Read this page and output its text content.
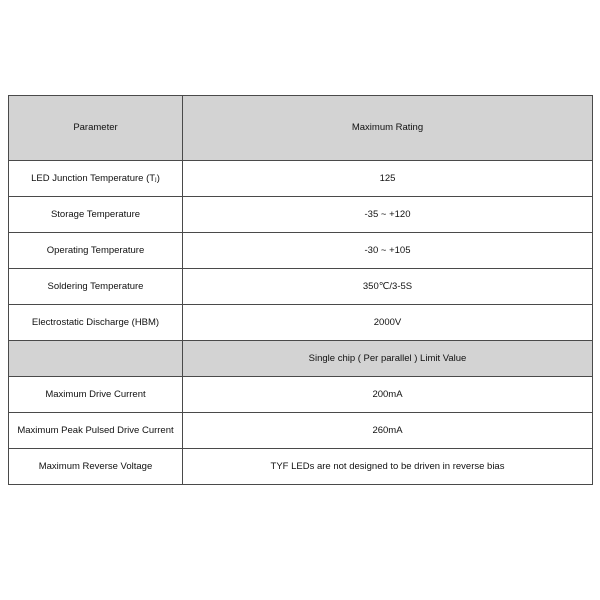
Parameter	Maximum Rating
LED Junction Temperature (Tⱼ)	125
Storage Temperature	-35 ~ +120
Operating Temperature	-30 ~ +105
Soldering Temperature	350℃/3-5S
Electrostatic Discharge (HBM)	2000V
	Single chip ( Per parallel ) Limit Value
Maximum Drive Current	200mA
Maximum Peak Pulsed Drive Current	260mA
Maximum Reverse Voltage	TYF LEDs are not designed to be driven in reverse bias
